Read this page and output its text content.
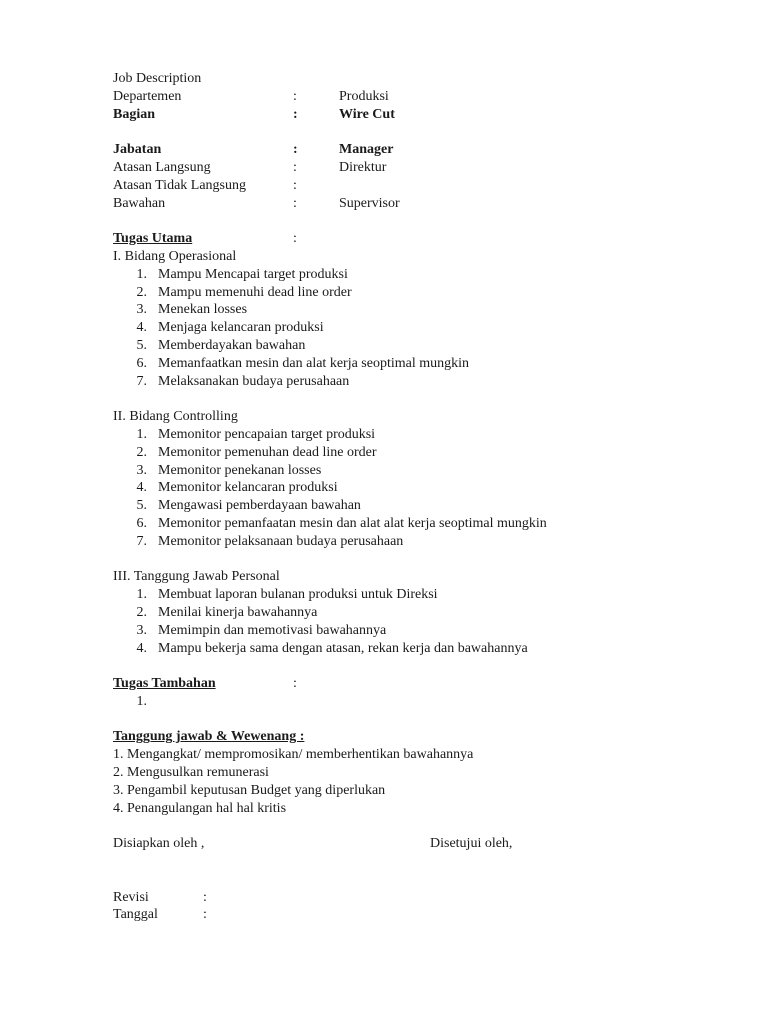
Job Description
Departemen	:	Produksi
Bagian	:	Wire Cut
Jabatan	:	Manager
Atasan Langsung	:	Direktur
Atasan Tidak Langsung	:
Bawahan	:	Supervisor
Tugas Utama	:
I. Bidang Operasional
1. Mampu Mencapai target produksi
2. Mampu memenuhi dead line order
3. Menekan losses
4. Menjaga kelancaran produksi
5. Memberdayakan bawahan
6. Memanfaatkan mesin dan alat kerja seoptimal mungkin
7. Melaksanakan budaya perusahaan
II. Bidang Controlling
1. Memonitor pencapaian target produksi
2. Memonitor pemenuhan dead line order
3. Memonitor penekanan losses
4. Memonitor kelancaran produksi
5. Mengawasi pemberdayaan bawahan
6. Memonitor pemanfaatan mesin dan alat alat kerja seoptimal mungkin
7. Memonitor pelaksanaan budaya perusahaan
III. Tanggung Jawab Personal
1. Membuat laporan bulanan produksi untuk Direksi
2. Menilai kinerja bawahannya
3. Memimpin dan memotivasi bawahannya
4. Mampu bekerja sama dengan atasan, rekan kerja dan bawahannya
Tugas Tambahan	:
1.
Tanggung jawab & Wewenang :
1. Mengangkat/ mempromosikan/ memberhentikan bawahannya
2. Mengusulkan remunerasi
3. Pengambil keputusan Budget yang diperlukan
4. Penangulangan hal hal kritis
Disiapkan oleh ,	Disetujui oleh,
Revisi	:
Tanggal	:
